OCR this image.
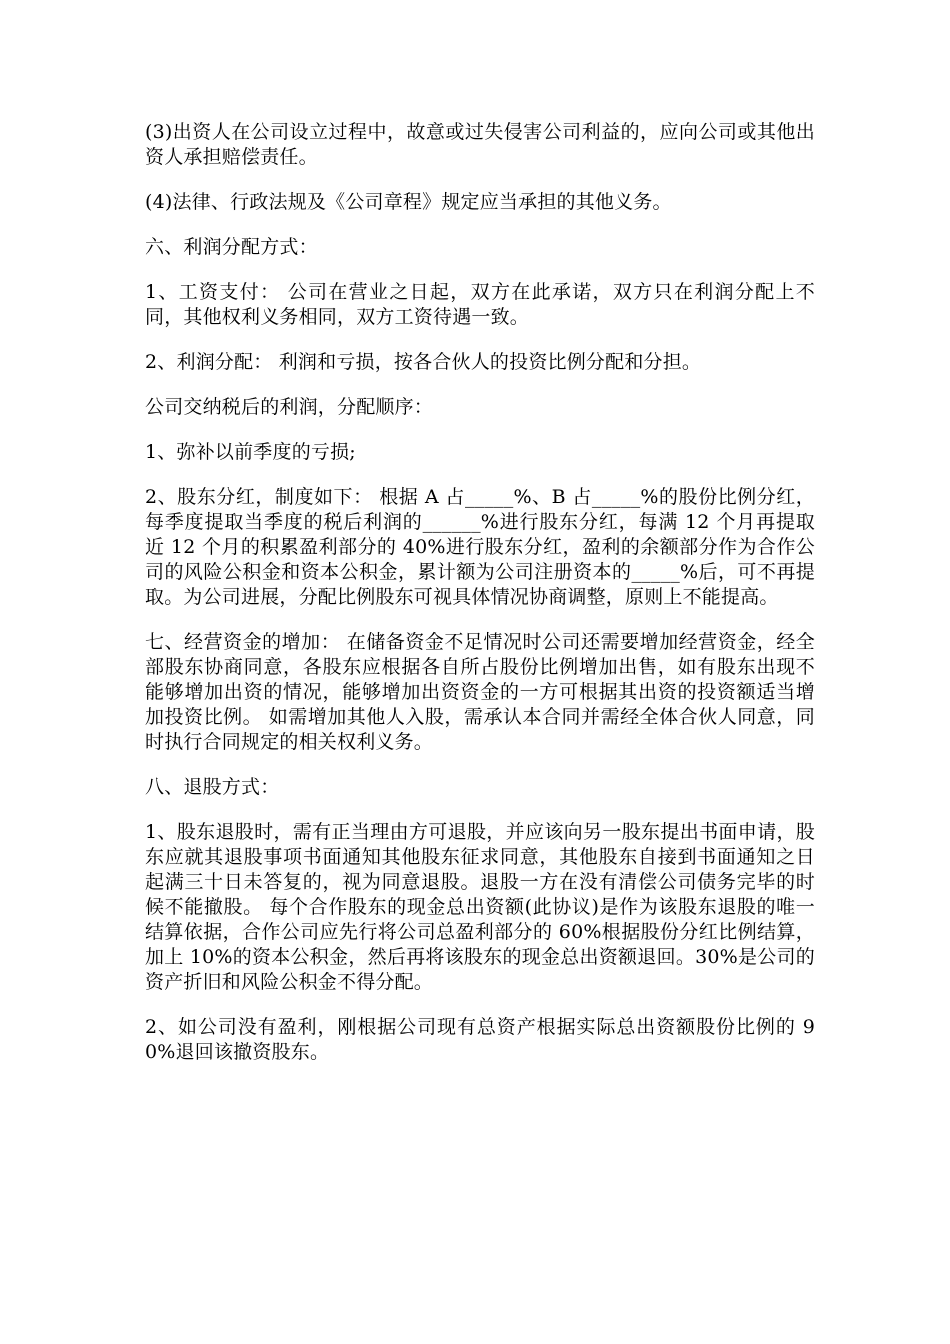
(3)出资人在公司设立过程中，故意或过失侵害公司利益的，应向公司或其他出资人承担赔偿责任。

(4)法律、行政法规及《公司章程》规定应当承担的其他义务。

六、利润分配方式：

1、工资支付： 公司在营业之日起，双方在此承诺，双方只在利润分配上不同，其他权利义务相同，双方工资待遇一致。

2、利润分配： 利润和亏损，按各合伙人的投资比例分配和分担。

公司交纳税后的利润，分配顺序：

1、弥补以前季度的亏损;

2、股东分红，制度如下： 根据 A 占_____%、B 占_____%的股份比例分红，每季度提取当季度的税后利润的______%进行股东分红，每满 12 个月再提取近 12 个月的积累盈利部分的 40%进行股东分红，盈利的余额部分作为合作公司的风险公积金和资本公积金，累计额为公司注册资本的_____%后，可不再提取。为公司进展，分配比例股东可视具体情况协商调整，原则上不能提高。

七、经营资金的增加： 在储备资金不足情况时公司还需要增加经营资金，经全部股东协商同意，各股东应根据各自所占股份比例增加出售，如有股东出现不能够增加出资的情况，能够增加出资资金的一方可根据其出资的投资额适当增加投资比例。 如需增加其他人入股，需承认本合同并需经全体合伙人同意，同时执行合同规定的相关权利义务。

八、退股方式：

1、股东退股时，需有正当理由方可退股，并应该向另一股东提出书面申请，股东应就其退股事项书面通知其他股东征求同意，其他股东自接到书面通知之日起满三十日未答复的，视为同意退股。退股一方在没有清偿公司债务完毕的时候不能撤股。 每个合作股东的现金总出资额(此协议)是作为该股东退股的唯一结算依据，合作公司应先行将公司总盈利部分的 60%根据股份分红比例结算，加上 10%的资本公积金，然后再将该股东的现金总出资额退回。30%是公司的资产折旧和风险公积金不得分配。

2、如公司没有盈利，刚根据公司现有总资产根据实际总出资额股份比例的 90%退回该撤资股东。
